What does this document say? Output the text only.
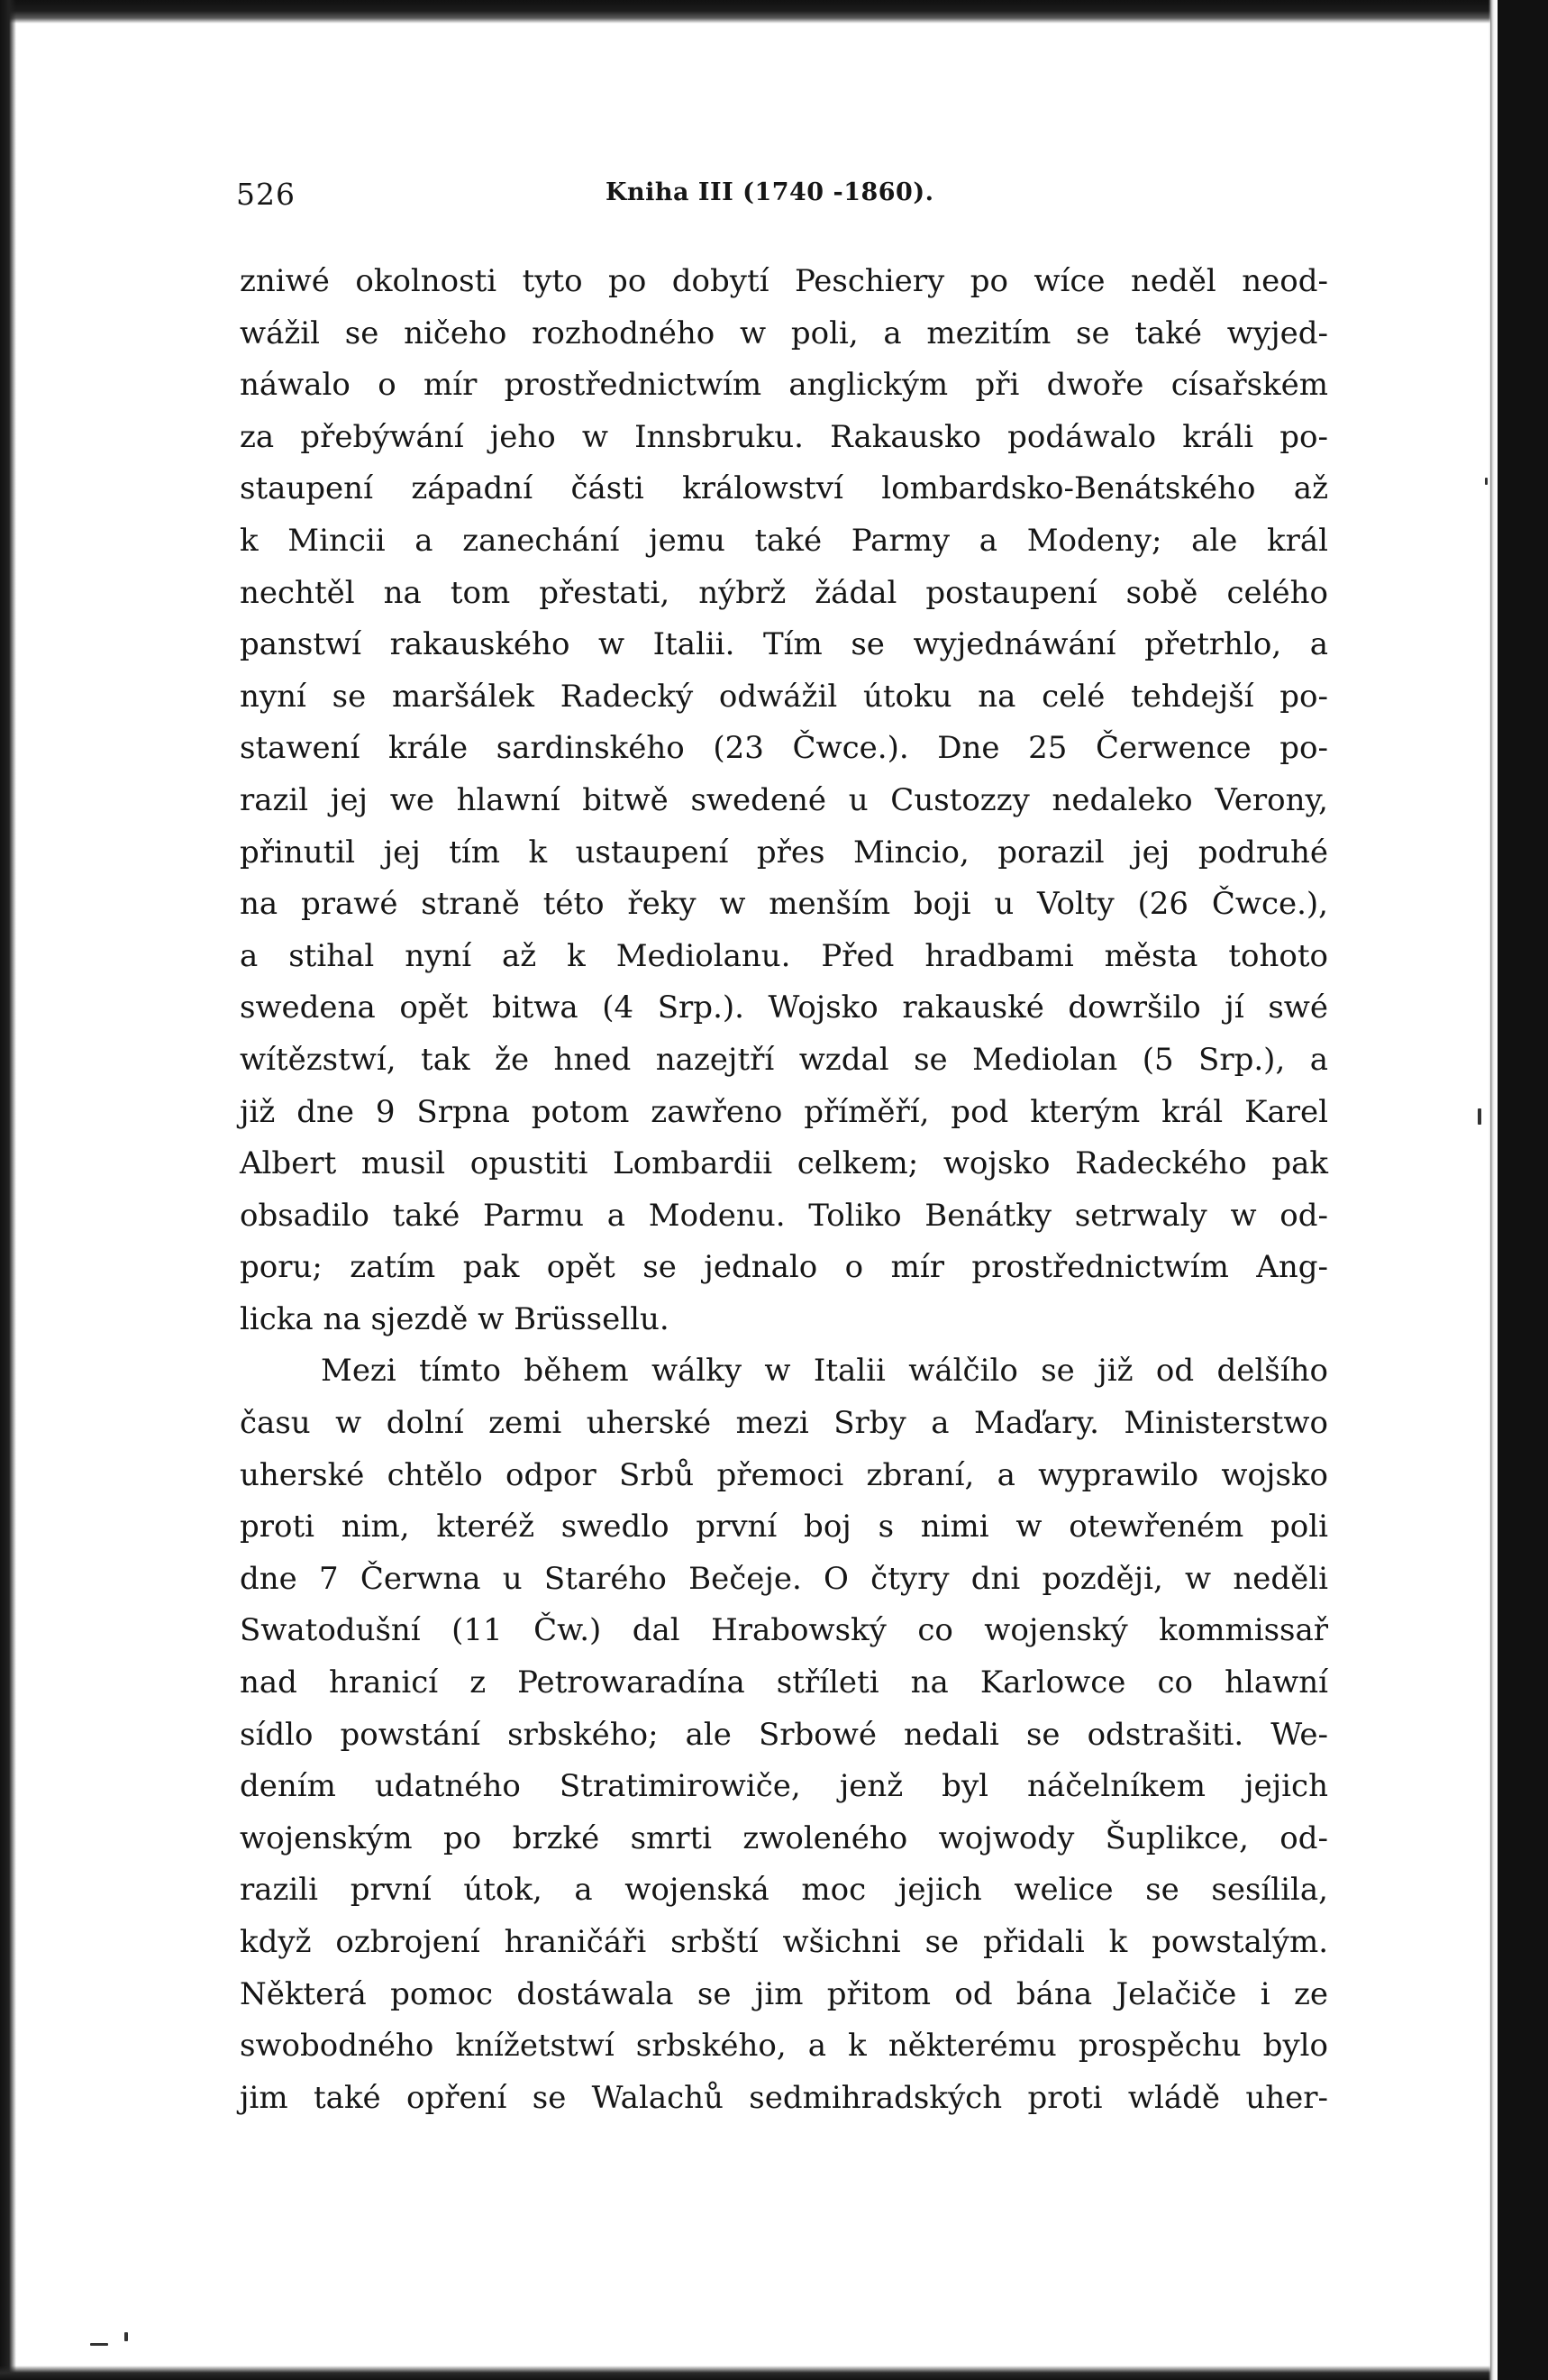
526	Kniha III (1740 -1860).
zniwé okolnosti tyto po dobytí Peschiery po wíce neděl neod-
wážil se ničeho rozhodného w poli, a mezitím se také wyjed-
náwalo o mír prostřednictwím anglickým při dwoře císařském
za přebýwání jeho w Innsbruku. Rakausko podáwalo králi po-
staupení západní části králowství lombardsko-Benátského až
k Mincii a zanechání jemu také Parmy a Modeny; ale král
nechtěl na tom přestati, nýbrž žádal postaupení sobě celého
panstwí rakauského w Italii. Tím se wyjednáwání přetrhlo, a
nyní se maršálek Radecký odwážil útoku na celé tehdejší po-
stawení krále sardinského (23 Čwce.). Dne 25 Čerwence po-
razil jej we hlawní bitwě swedené u Custozzy nedaleko Verony,
přinutil jej tím k ustaupení přes Mincio, porazil jej podruhé
na prawé straně této řeky w menším boji u Volty (26 Čwce.),
a stihal nyní až k Mediolanu. Před hradbami města tohoto
swedena opět bitwa (4 Srp.). Wojsko rakauské dowršilo jí swé
wítězstwí, tak že hned nazejtří wzdal se Mediolan (5 Srp.), a
již dne 9 Srpna potom zawřeno příměří, pod kterým král Karel
Albert musil opustiti Lombardii celkem; wojsko Radeckého pak
obsadilo také Parmu a Modenu. Toliko Benátky setrwaly w od-
poru; zatím pak opět se jednalo o mír prostřednictwím Ang-
licka na sjezdě w Brüssellu.
Mezi tímto během wálky w Italii wálčilo se již od delšího
času w dolní zemi uherské mezi Srby a Maďary. Ministerstwo
uherské chtělo odpor Srbů přemoci zbraní, a wyprawilo wojsko
proti nim, kteréž swedlo první boj s nimi w otewřeném poli
dne 7 Čerwna u Starého Bečeje. O čtyry dni později, w neděli
Swatodušní (11 Čw.) dal Hrabowský co wojenský kommissař
nad hranicí z Petrowaradína stříleti na Karlowce co hlawní
sídlo powstání srbského; ale Srbowé nedali se odstrašiti. We-
dením udatného Stratimirowiče, jenž byl náčelníkem jejich
wojenským po brzké smrti zwoleného wojwody Šuplikce, od-
razili první útok, a wojenská moc jejich welice se sesílila,
když ozbrojení hraničáři srbští wšichni se přidali k powstalým.
Některá pomoc dostáwala se jim přitom od bána Jelačiče i ze
swobodného knížetstwí srbského, a k některému prospěchu bylo
jim také opření se Walachů sedmihradských proti wládě uher-
